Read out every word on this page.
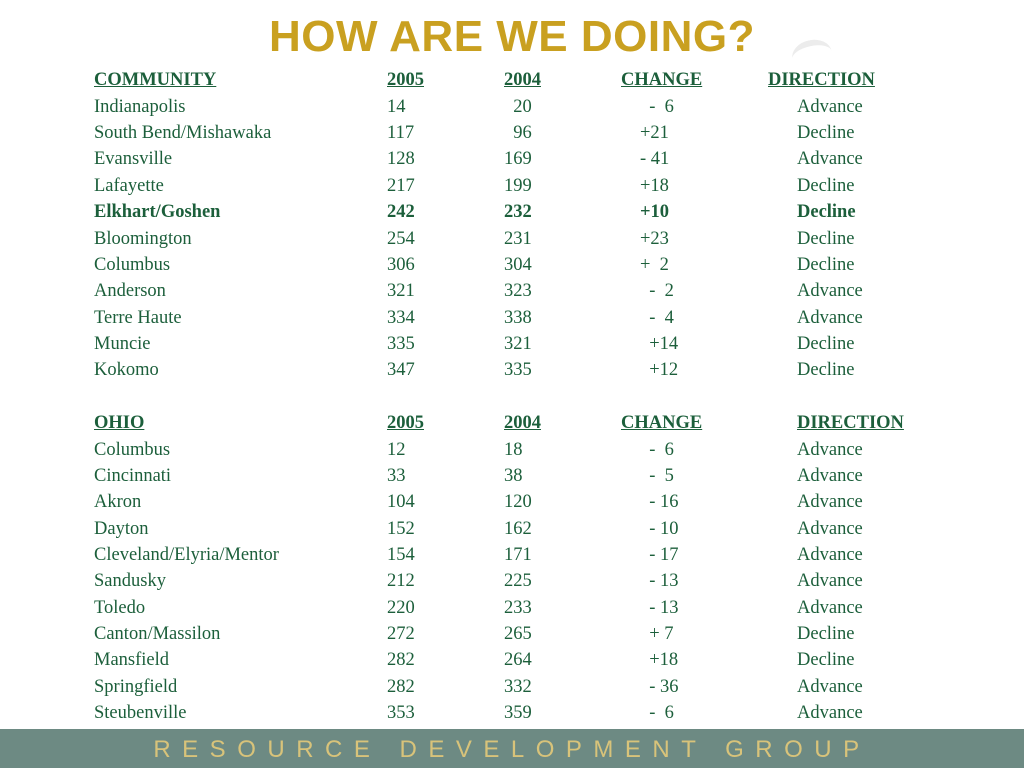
HOW ARE WE DOING?
COMMUNITY	2005	2004	CHANGE	DIRECTION
Indianapolis	14	20	-  6	Advance
South Bend/Mishawaka	117	96	+21	Decline
Evansville	128	169	- 41	Advance
Lafayette	217	199	+18	Decline
Elkhart/Goshen	242	232	+10	Decline
Bloomington	254	231	+23	Decline
Columbus	306	304	+  2	Decline
Anderson	321	323	-  2	Advance
Terre Haute	334	338	-  4	Advance
Muncie	335	321	+14	Decline
Kokomo	347	335	+12	Decline
OHIO	2005	2004	CHANGE	DIRECTION
Columbus	12	18	-  6	Advance
Cincinnati	33	38	-  5	Advance
Akron	104	120	- 16	Advance
Dayton	152	162	- 10	Advance
Cleveland/Elyria/Mentor	154	171	- 17	Advance
Sandusky	212	225	- 13	Advance
Toledo	220	233	- 13	Advance
Canton/Massilon	272	265	+ 7	Decline
Mansfield	282	264	+18	Decline
Springfield	282	332	- 36	Advance
Steubenville	353	359	-  6	Advance
RESOURCE DEVELOPMENT GROUP
